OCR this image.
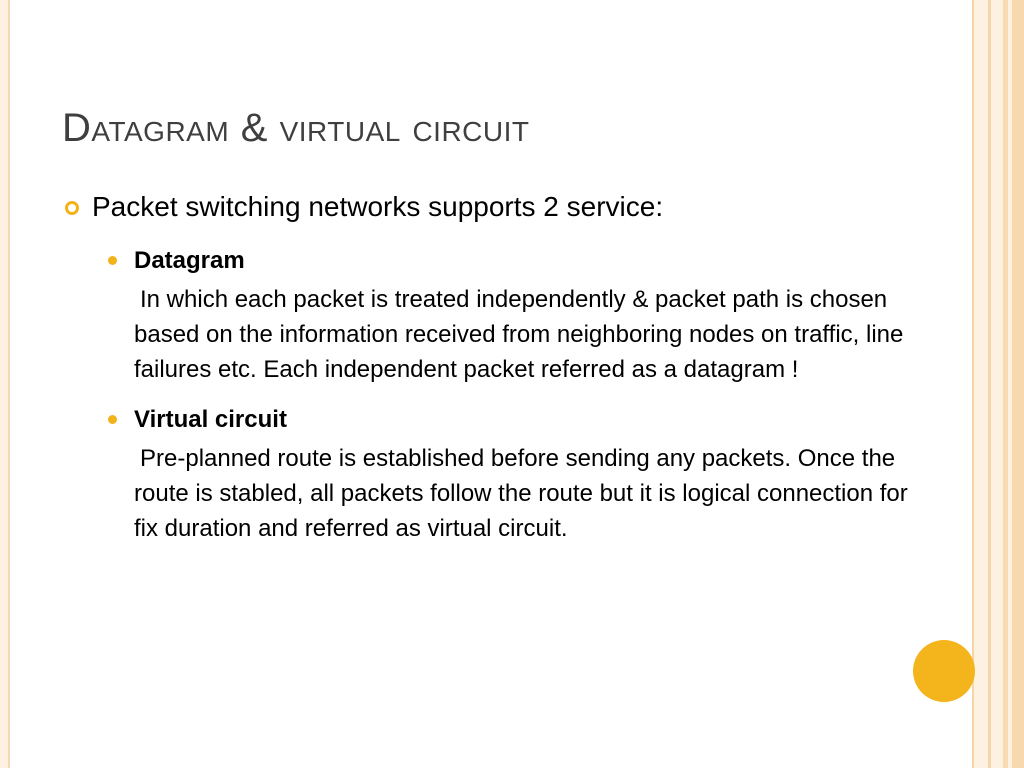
Datagram & virtual circuit
Packet switching networks supports 2 service:
Datagram
In which each packet is treated independently & packet path is chosen based on the information received from neighboring nodes on traffic, line failures etc. Each independent packet referred as a datagram !
Virtual circuit
Pre-planned route is established before sending any packets. Once the route is stabled, all packets follow the route but it is logical connection for fix duration and referred as virtual circuit.
